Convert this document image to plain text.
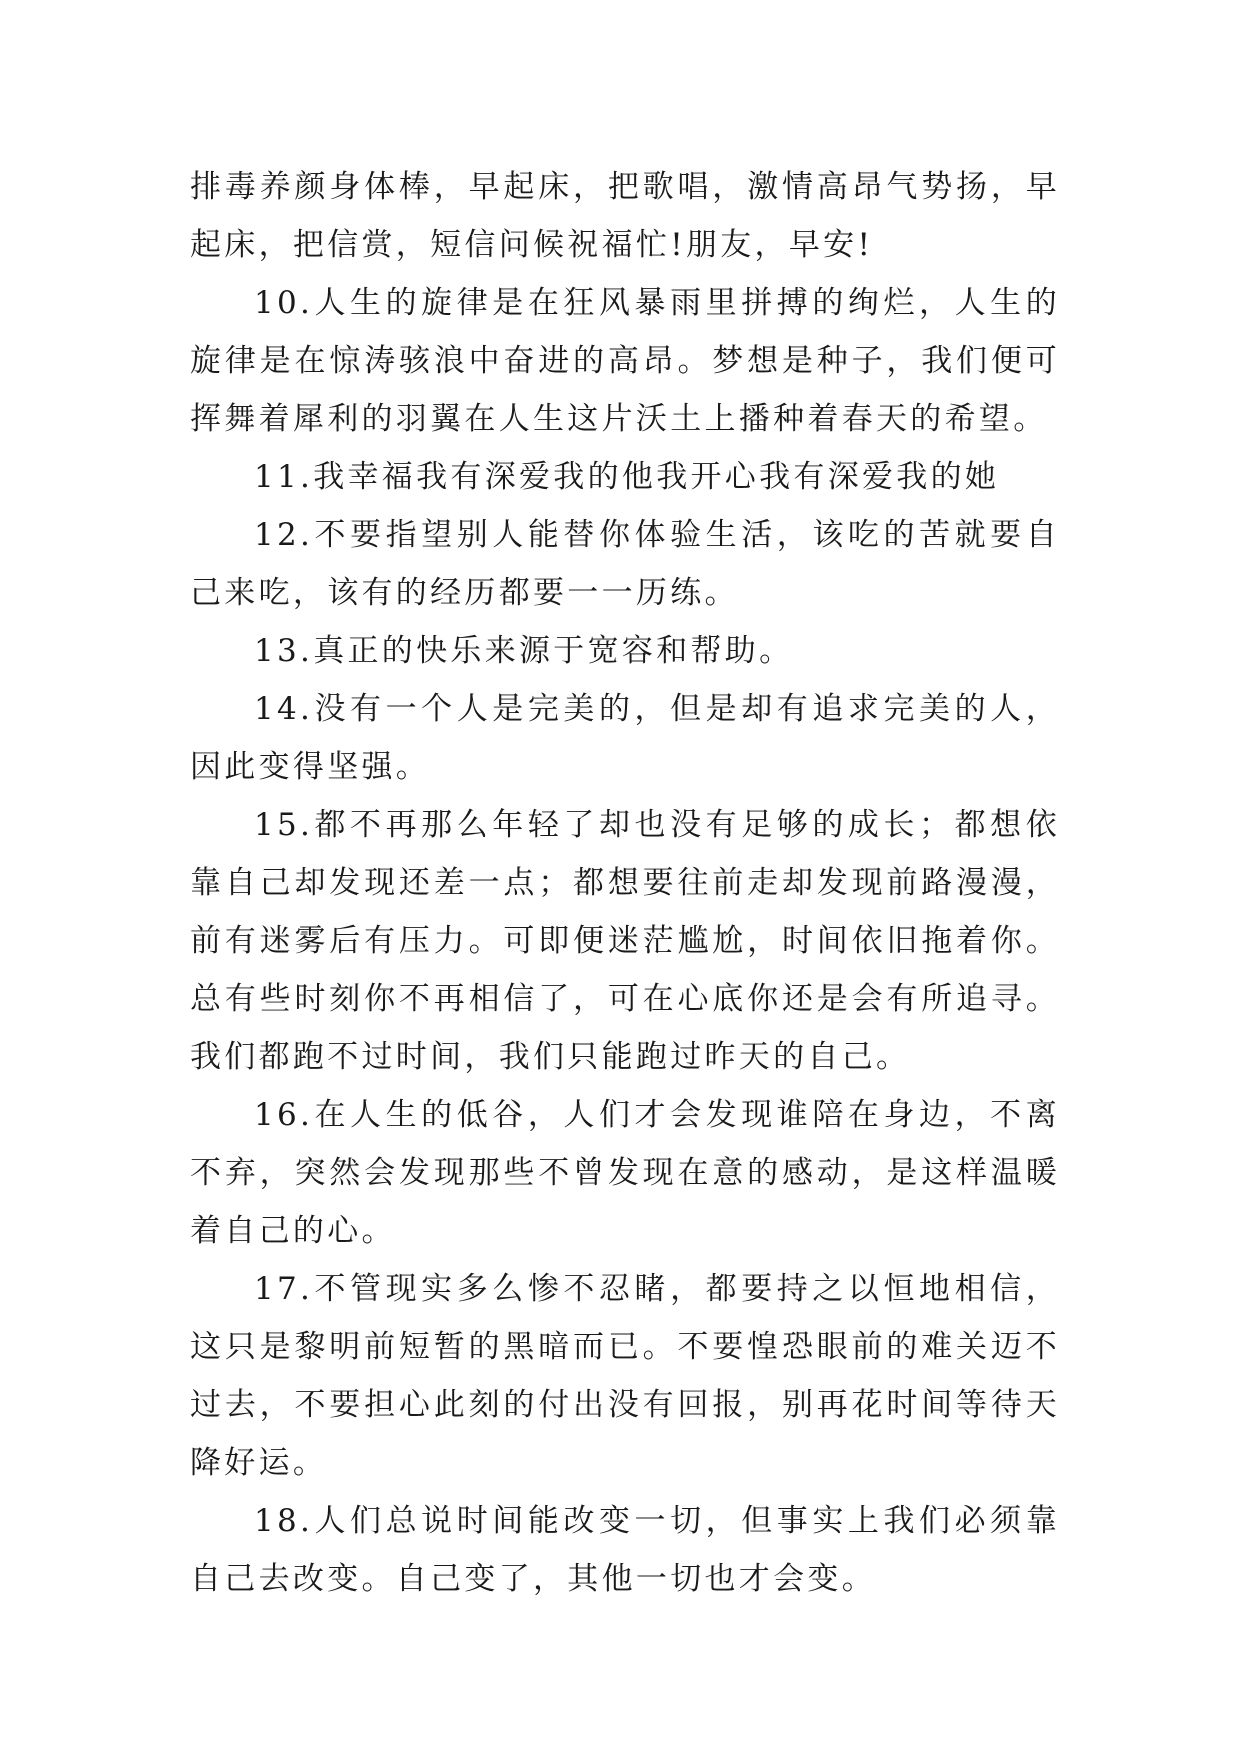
排毒养颜身体棒，早起床，把歌唱，激情高昂气势扬，早起床，把信赏，短信问候祝福忙!朋友，早安!

10.人生的旋律是在狂风暴雨里拼搏的绚烂，人生的旋律是在惊涛骇浪中奋进的高昂。梦想是种子，我们便可挥舞着犀利的羽翼在人生这片沃土上播种着春天的希望。

11.我幸福我有深爱我的他我开心我有深爱我的她

12.不要指望别人能替你体验生活，该吃的苦就要自己来吃，该有的经历都要一一历练。

13.真正的快乐来源于宽容和帮助。

14.没有一个人是完美的，但是却有追求完美的人，因此变得坚强。

15.都不再那么年轻了却也没有足够的成长；都想依靠自己却发现还差一点；都想要往前走却发现前路漫漫，前有迷雾后有压力。可即便迷茫尴尬，时间依旧拖着你。总有些时刻你不再相信了，可在心底你还是会有所追寻。我们都跑不过时间，我们只能跑过昨天的自己。

16.在人生的低谷，人们才会发现谁陪在身边，不离不弃，突然会发现那些不曾发现在意的感动，是这样温暖着自己的心。

17.不管现实多么惨不忍睹，都要持之以恒地相信，这只是黎明前短暂的黑暗而已。不要惶恐眼前的难关迈不过去，不要担心此刻的付出没有回报，别再花时间等待天降好运。

18.人们总说时间能改变一切，但事实上我们必须靠自己去改变。自己变了，其他一切也才会变。
